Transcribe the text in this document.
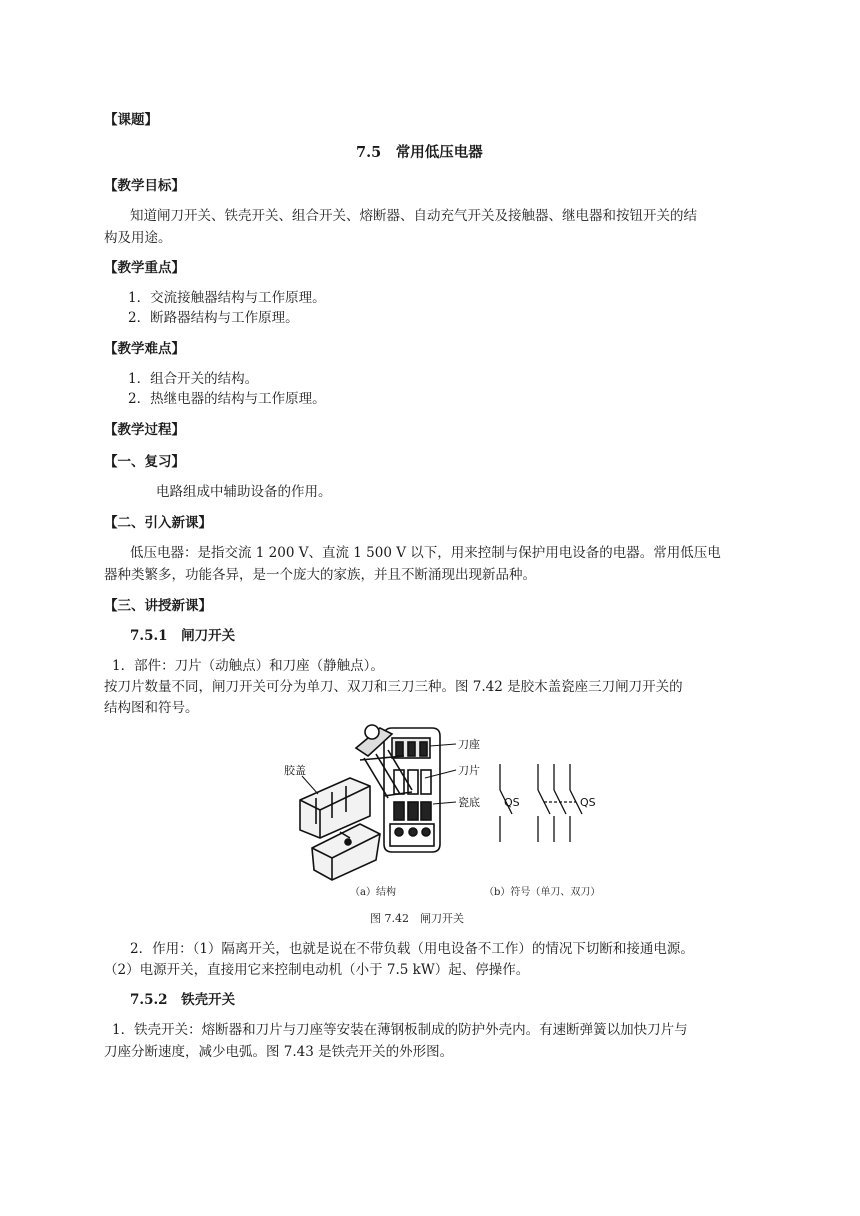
【课题】
7.5　常用低压电器
【教学目标】
知道闸刀开关、铁壳开关、组合开关、熔断器、自动充气开关及接触器、继电器和按钮开关的结
构及用途。
【教学重点】
1．交流接触器结构与工作原理。
2．断路器结构与工作原理。
【教学难点】
1．组合开关的结构。
2．热继电器的结构与工作原理。
【教学过程】
【一、复习】
电路组成中辅助设备的作用。
【二、引入新课】
低压电器：是指交流 1 200 V、直流 1 500 V 以下，用来控制与保护用电设备的电器。常用低压电
器种类繁多，功能各异，是一个庞大的家族，并且不断涌现出现新品种。
【三、讲授新课】
7.5.1　闸刀开关
1．部件：刀片（动触点）和刀座（静触点）。
按刀片数量不同，闸刀开关可分为单刀、双刀和三刀三种。图 7.42 是胶木盖瓷座三刀闸刀开关的
结构图和符号。
刀座
刀片
胶盖
瓷底 QS	QS
（a）结构	（b）符号（单刀、双刀）
图 7.42　闸刀开关
2．作用：（1）隔离开关，也就是说在不带负载（用电设备不工作）的情况下切断和接通电源。
（2）电源开关，直接用它来控制电动机（小于 7.5 kW）起、停操作。
7.5.2　铁壳开关
1．铁壳开关：熔断器和刀片与刀座等安装在薄钢板制成的防护外壳内。有速断弹簧以加快刀片与
刀座分断速度，减少电弧。图 7.43 是铁壳开关的外形图。
